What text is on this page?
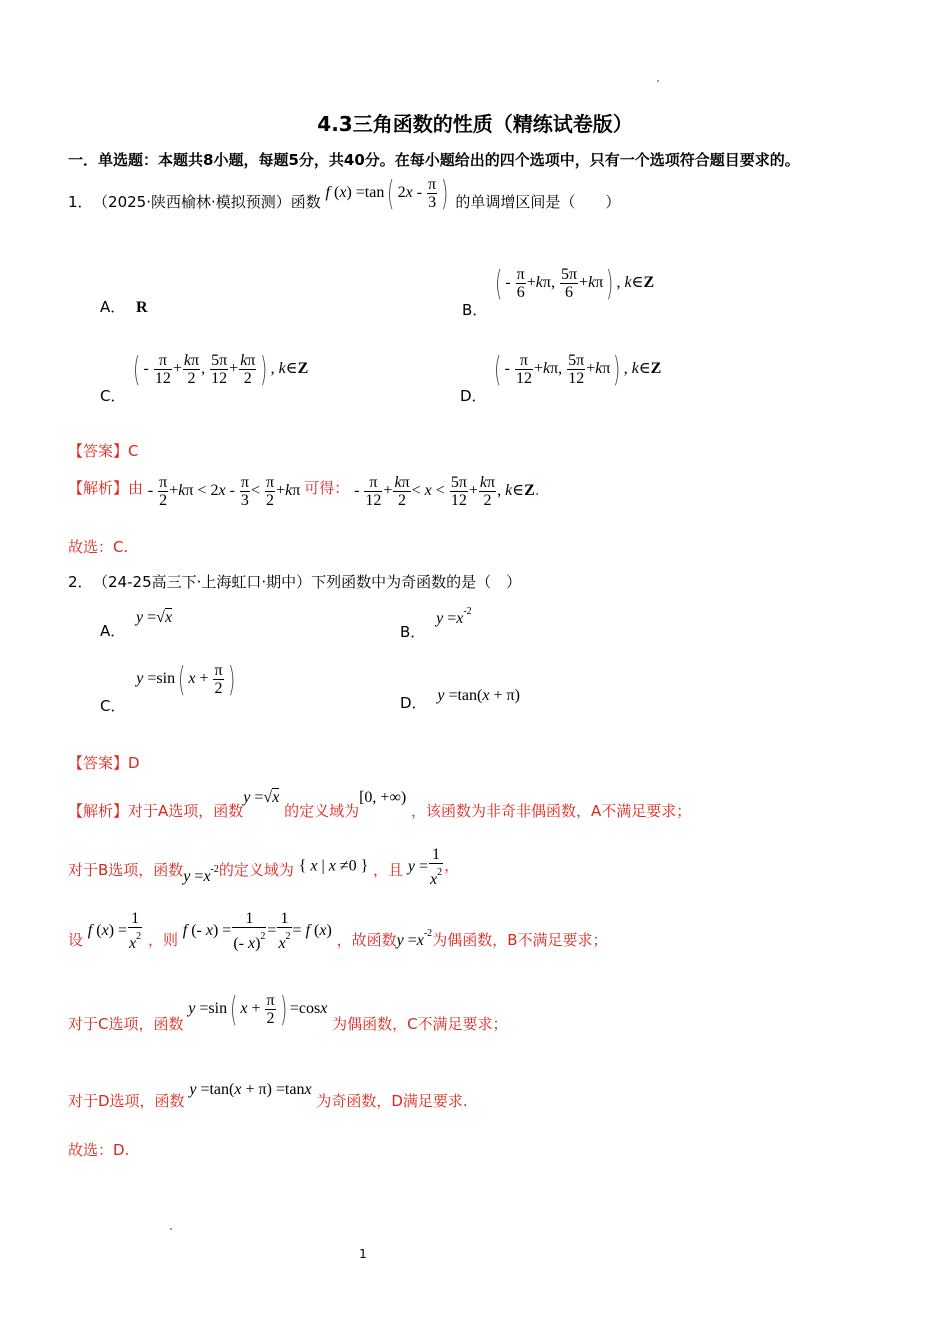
4.3三角函数的性质（精练试卷版）
一．单选题：本题共8小题，每题5分，共40分。在每小题给出的四个选项中，只有一个选项符合题目要求的。
1． （2025·陕西榆林·模拟预测）函数 f (x) =tan( $2x - \frac{\pi}{3}$ ) 的单调增区间是（　　）
A． R	B． ( - $\frac{\pi}{6} +k\pi$, $\frac{5\pi}{6} +k\pi$) , k∈Z
C． ( - $\frac{\pi}{12} + \frac{k\pi}{2}$ , $\frac{5\pi}{12} + \frac{k\pi}{2}$ ) , k∈Z
D． ( - $\frac{\pi}{12} +k\pi$, $\frac{5\pi}{12} +k\pi$) , k∈Z
【答案】C
【解析】由 - $\frac{\pi}{2} +k\pi < 2x - \frac{\pi}{3} < \frac{\pi}{2} +k\pi$ 可得： - $\frac{\pi}{12} + \frac{k\pi}{2} < x < \frac{5\pi}{12} + \frac{k\pi}{2}$ , k∈Z.
故选：C.
2． （24-25高三下·上海虹口·期中）下列函数中为奇函数的是（　）
A． y =√x
B． $y =x^{-2}$
C． y =sin( $x + \frac{\pi}{2}$ )
D． y =tan(x + π)
【答案】D
【解析】对于A选项，函数y =√x 的定义域为[0, +∞) ，该函数为非奇非偶函数，A不满足要求；
对于B选项，函数$y =x^{-2}$的定义域为 { x | x ≠0 } ，且 $y = \frac{1}{x^2}$ ，
设 f $(x) = \frac{1}{x^2}$ ，则 f (- $x) = \frac{1}{(- x)^2} = \frac{1}{x^2} = f$ (x) ，故函数$y =x^{-2}$为偶函数，B不满足要求；
对于C选项，函数 y =sin( $x + \frac{\pi}{2}$ ) =cosx 为偶函数，C不满足要求；
对于D选项，函数 y =tan(x + π) =tanx 为奇函数，D满足要求.
故选：D.
1
